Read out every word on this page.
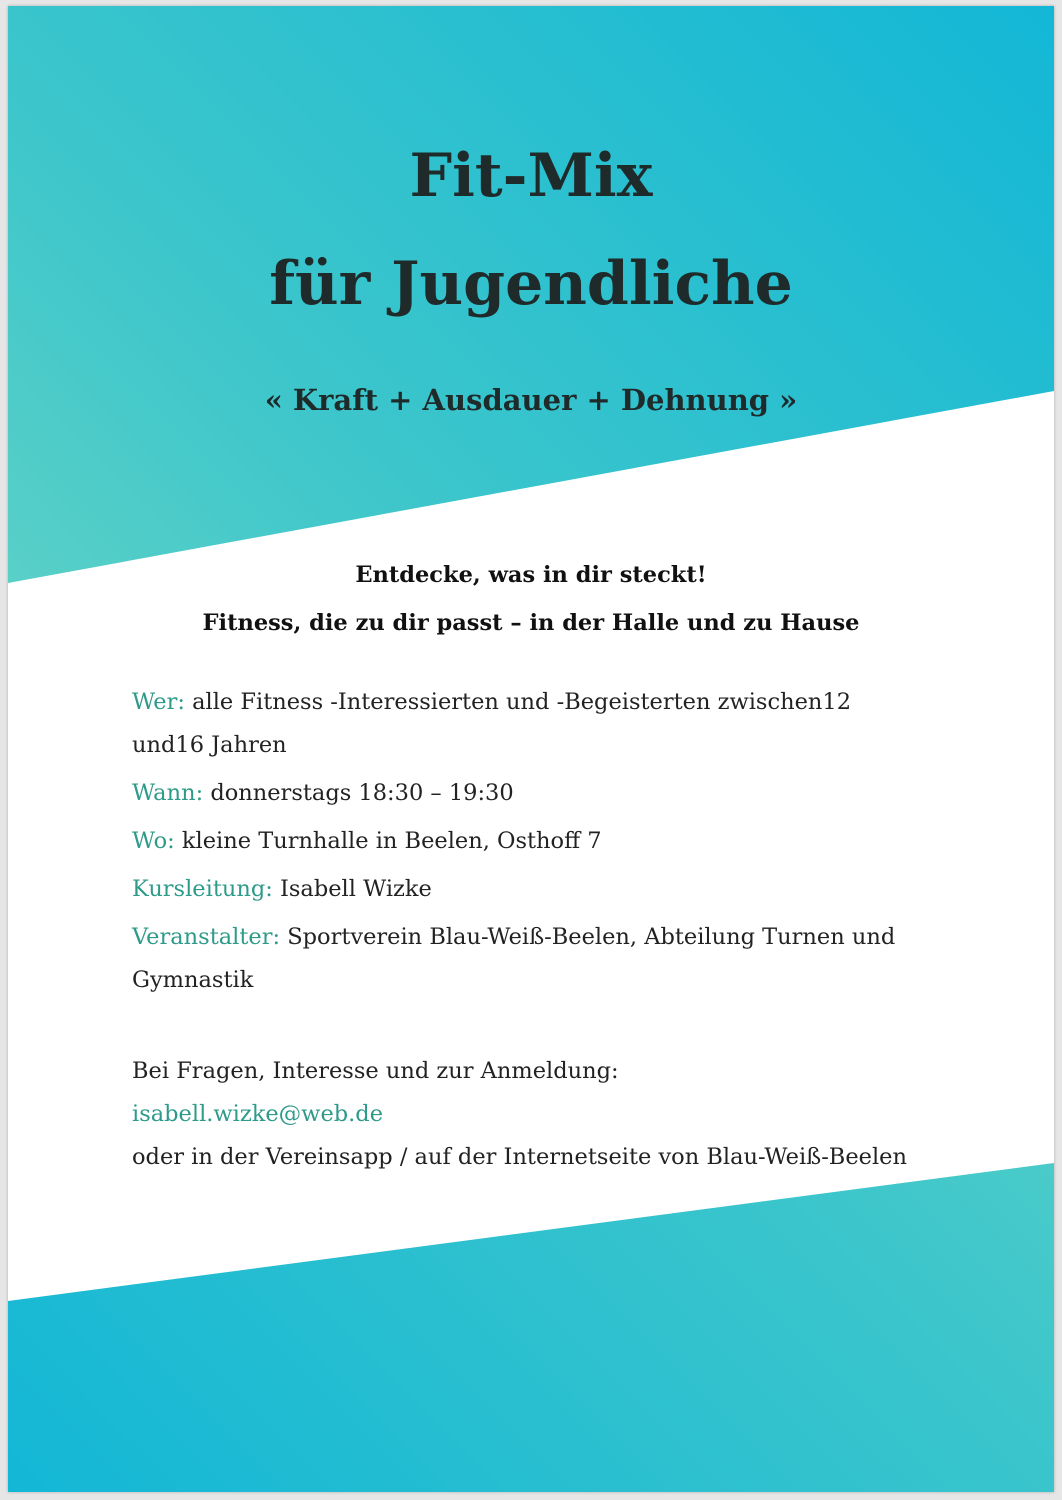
Fit-Mix
für Jugendliche
« Kraft + Ausdauer + Dehnung »
Entdecke, was in dir steckt!
Fitness, die zu dir passt – in der Halle und zu Hause
Wer: alle Fitness -Interessierten und -Begeisterten zwischen12 und16 Jahren
Wann: donnerstags 18:30 – 19:30
Wo: kleine Turnhalle in Beelen, Osthoff 7
Kursleitung: Isabell Wizke
Veranstalter: Sportverein Blau-Weiß-Beelen, Abteilung Turnen und Gymnastik
Bei Fragen, Interesse und zur Anmeldung:
isabell.wizke@web.de
oder in der Vereinsapp / auf der Internetseite von Blau-Weiß-Beelen
